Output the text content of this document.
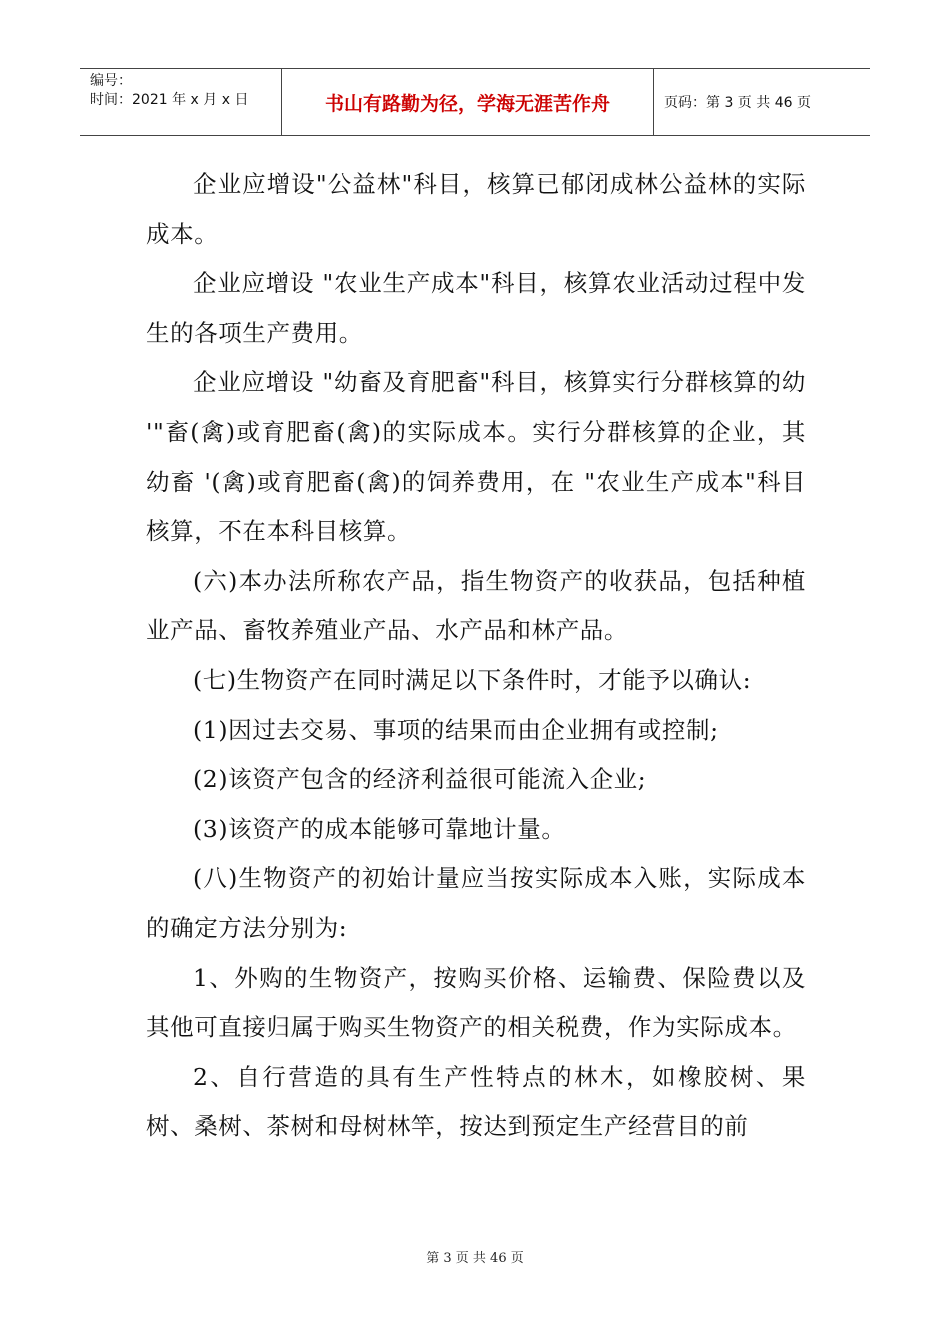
编号：
时间：2021 年 x 月 x 日	书山有路勤为径，学海无涯苦作舟	页码：第 3 页 共 46 页

企业应增设"公益林"科目，核算已郁闭成林公益林的实际成本。

企业应增设 "农业生产成本"科目，核算农业活动过程中发生的各项生产费用。

企业应增设 "幼畜及育肥畜"科目，核算实行分群核算的幼 '"畜(禽)或育肥畜(禽)的实际成本。实行分群核算的企业，其幼畜 '(禽)或育肥畜(禽)的饲养费用，在 "农业生产成本"科目核算，不在本科目核算。

(六)本办法所称农产品，指生物资产的收获品，包括种植业产品、畜牧养殖业产品、水产品和林产品。

(七)生物资产在同时满足以下条件时，才能予以确认:

(1)因过去交易、事项的结果而由企业拥有或控制;

(2)该资产包含的经济利益很可能流入企业;

(3)该资产的成本能够可靠地计量。

(八)生物资产的初始计量应当按实际成本入账，实际成本的确定方法分别为:

1、外购的生物资产，按购买价格、运输费、保险费以及其他可直接归属于购买生物资产的相关税费，作为实际成本。

2、自行营造的具有生产性特点的林木，如橡胶树、果树、桑树、茶树和母树林竿，按达到预定生产经营目的前

第 3 页 共 46 页
